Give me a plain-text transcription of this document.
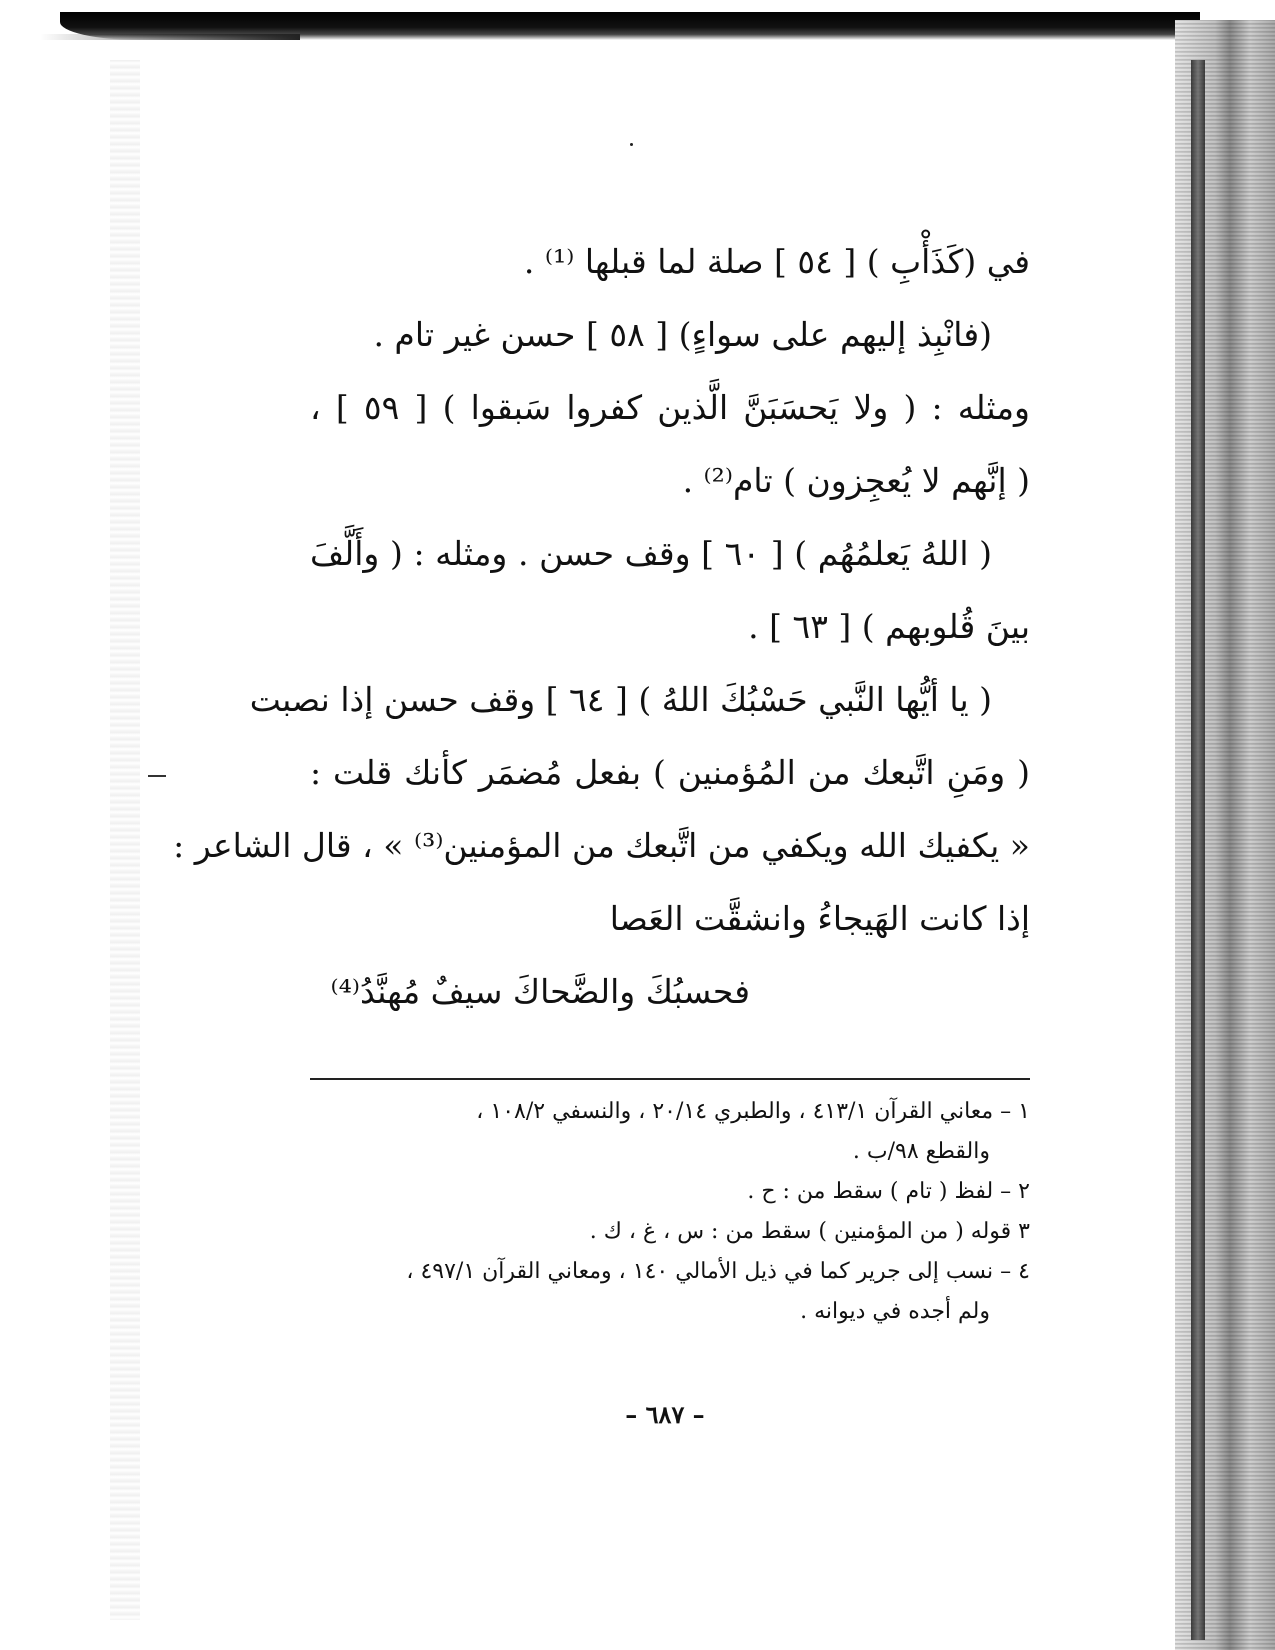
في (كَذَأْبِ ) [ ٥٤ ] صلة لما قبلها ⁽¹⁾ .
(فانْبِذ إليهم على سواءٍ) [ ٥٨ ] حسن غير تام .
ومثله : ( ولا يَحسَبَنَّ الَّذين كفروا سَبقوا ) [ ٥٩ ] ،
( إنَّهم لا يُعجِزون ) تام⁽²⁾ .
( اللهُ يَعلمُهُم ) [ ٦٠ ] وقف حسن . ومثله : ( وأَلَّفَ
بينَ قُلوبهم ) [ ٦٣ ] .
( يا أيُّها النَّبي حَسْبُكَ اللهُ ) [ ٦٤ ] وقف حسن إذا نصبت
( ومَنِ اتَّبعك من المُؤمنين ) بفعل مُضمَر كأنك قلت :
« يكفيك الله ويكفي من اتَّبعك من المؤمنين⁽³⁾ » ، قال الشاعر :
إذا كانت الهَيجاءُ وانشقَّت العَصا
فحسبُكَ والضَّحاكَ سيفٌ مُهنَّدُ⁽⁴⁾
١ – معاني القرآن ٤١٣/١ ، والطبري ٢٠/١٤ ، والنسفي ١٠٨/٢ ،
والقطع ٩٨/ب .
٢ – لفظ ( تام ) سقط من : ح .
٣ قوله ( من المؤمنين ) سقط من : س ، غ ، ك .
٤ – نسب إلى جرير كما في ذيل الأمالي ١٤٠ ، ومعاني القرآن ٤٩٧/١ ،
ولم أجده في ديوانه .
– ٦٨٧ –
